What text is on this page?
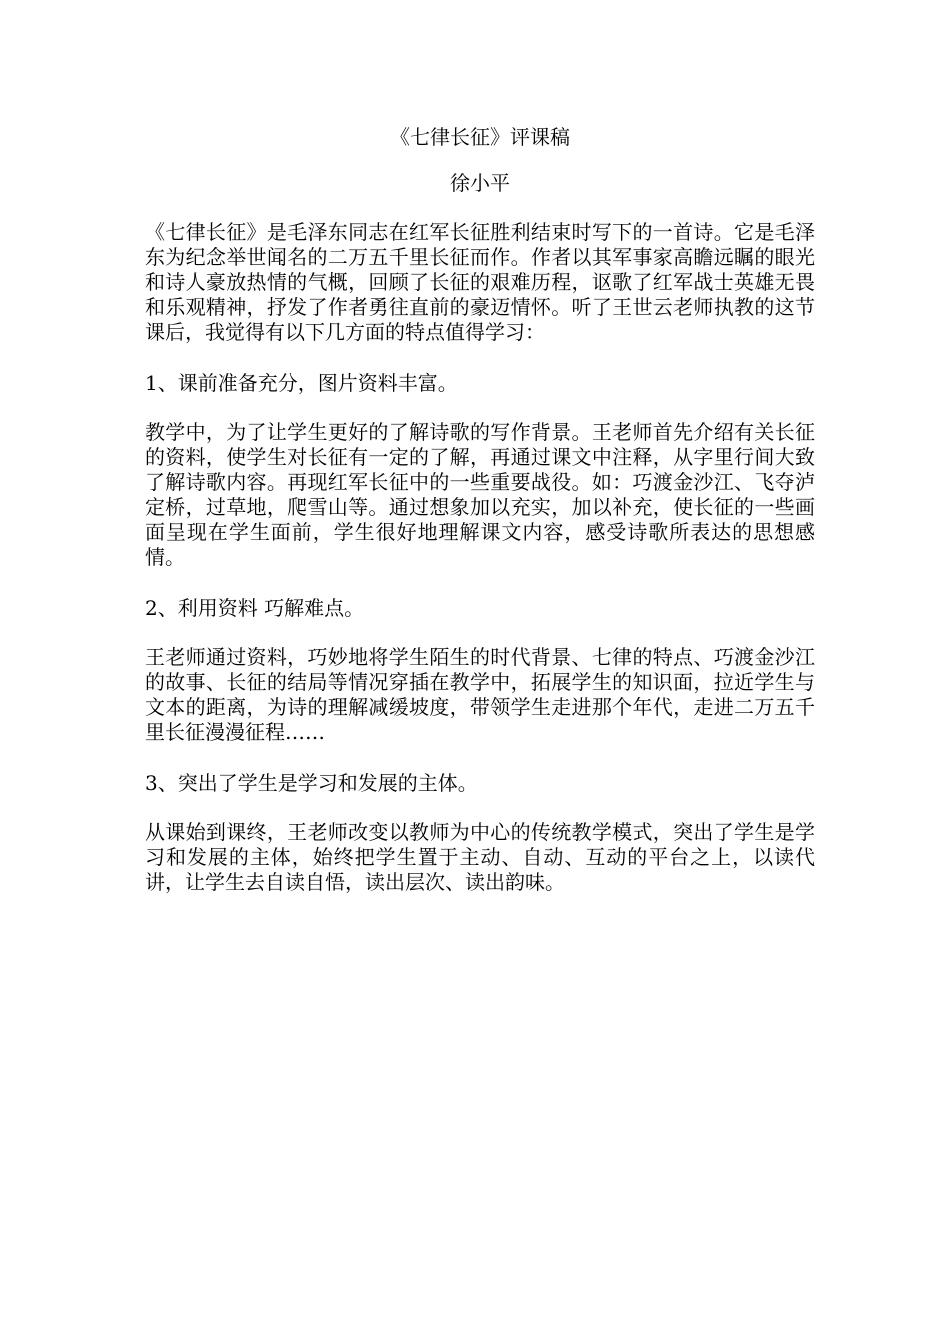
《七律长征》评课稿
徐小平

《七律长征》是毛泽东同志在红军长征胜利结束时写下的一首诗。它是毛泽东为纪念举世闻名的二万五千里长征而作。作者以其军事家高瞻远瞩的眼光和诗人豪放热情的气概，回顾了长征的艰难历程，讴歌了红军战士英雄无畏和乐观精神，抒发了作者勇往直前的豪迈情怀。听了王世云老师执教的这节课后，我觉得有以下几方面的特点值得学习：

1、课前准备充分，图片资料丰富。

教学中，为了让学生更好的了解诗歌的写作背景。王老师首先介绍有关长征的资料，使学生对长征有一定的了解，再通过课文中注释，从字里行间大致了解诗歌内容。再现红军长征中的一些重要战役。如：巧渡金沙江、飞夺泸定桥，过草地，爬雪山等。通过想象加以充实，加以补充，使长征的一些画面呈现在学生面前，学生很好地理解课文内容，感受诗歌所表达的思想感情。

2、利用资料 巧解难点。

王老师通过资料，巧妙地将学生陌生的时代背景、七律的特点、巧渡金沙江的故事、长征的结局等情况穿插在教学中，拓展学生的知识面，拉近学生与文本的距离，为诗的理解减缓坡度，带领学生走进那个年代，走进二万五千里长征漫漫征程……

3、突出了学生是学习和发展的主体。

从课始到课终，王老师改变以教师为中心的传统教学模式，突出了学生是学习和发展的主体，始终把学生置于主动、自动、互动的平台之上，以读代讲，让学生去自读自悟，读出层次、读出韵味。
